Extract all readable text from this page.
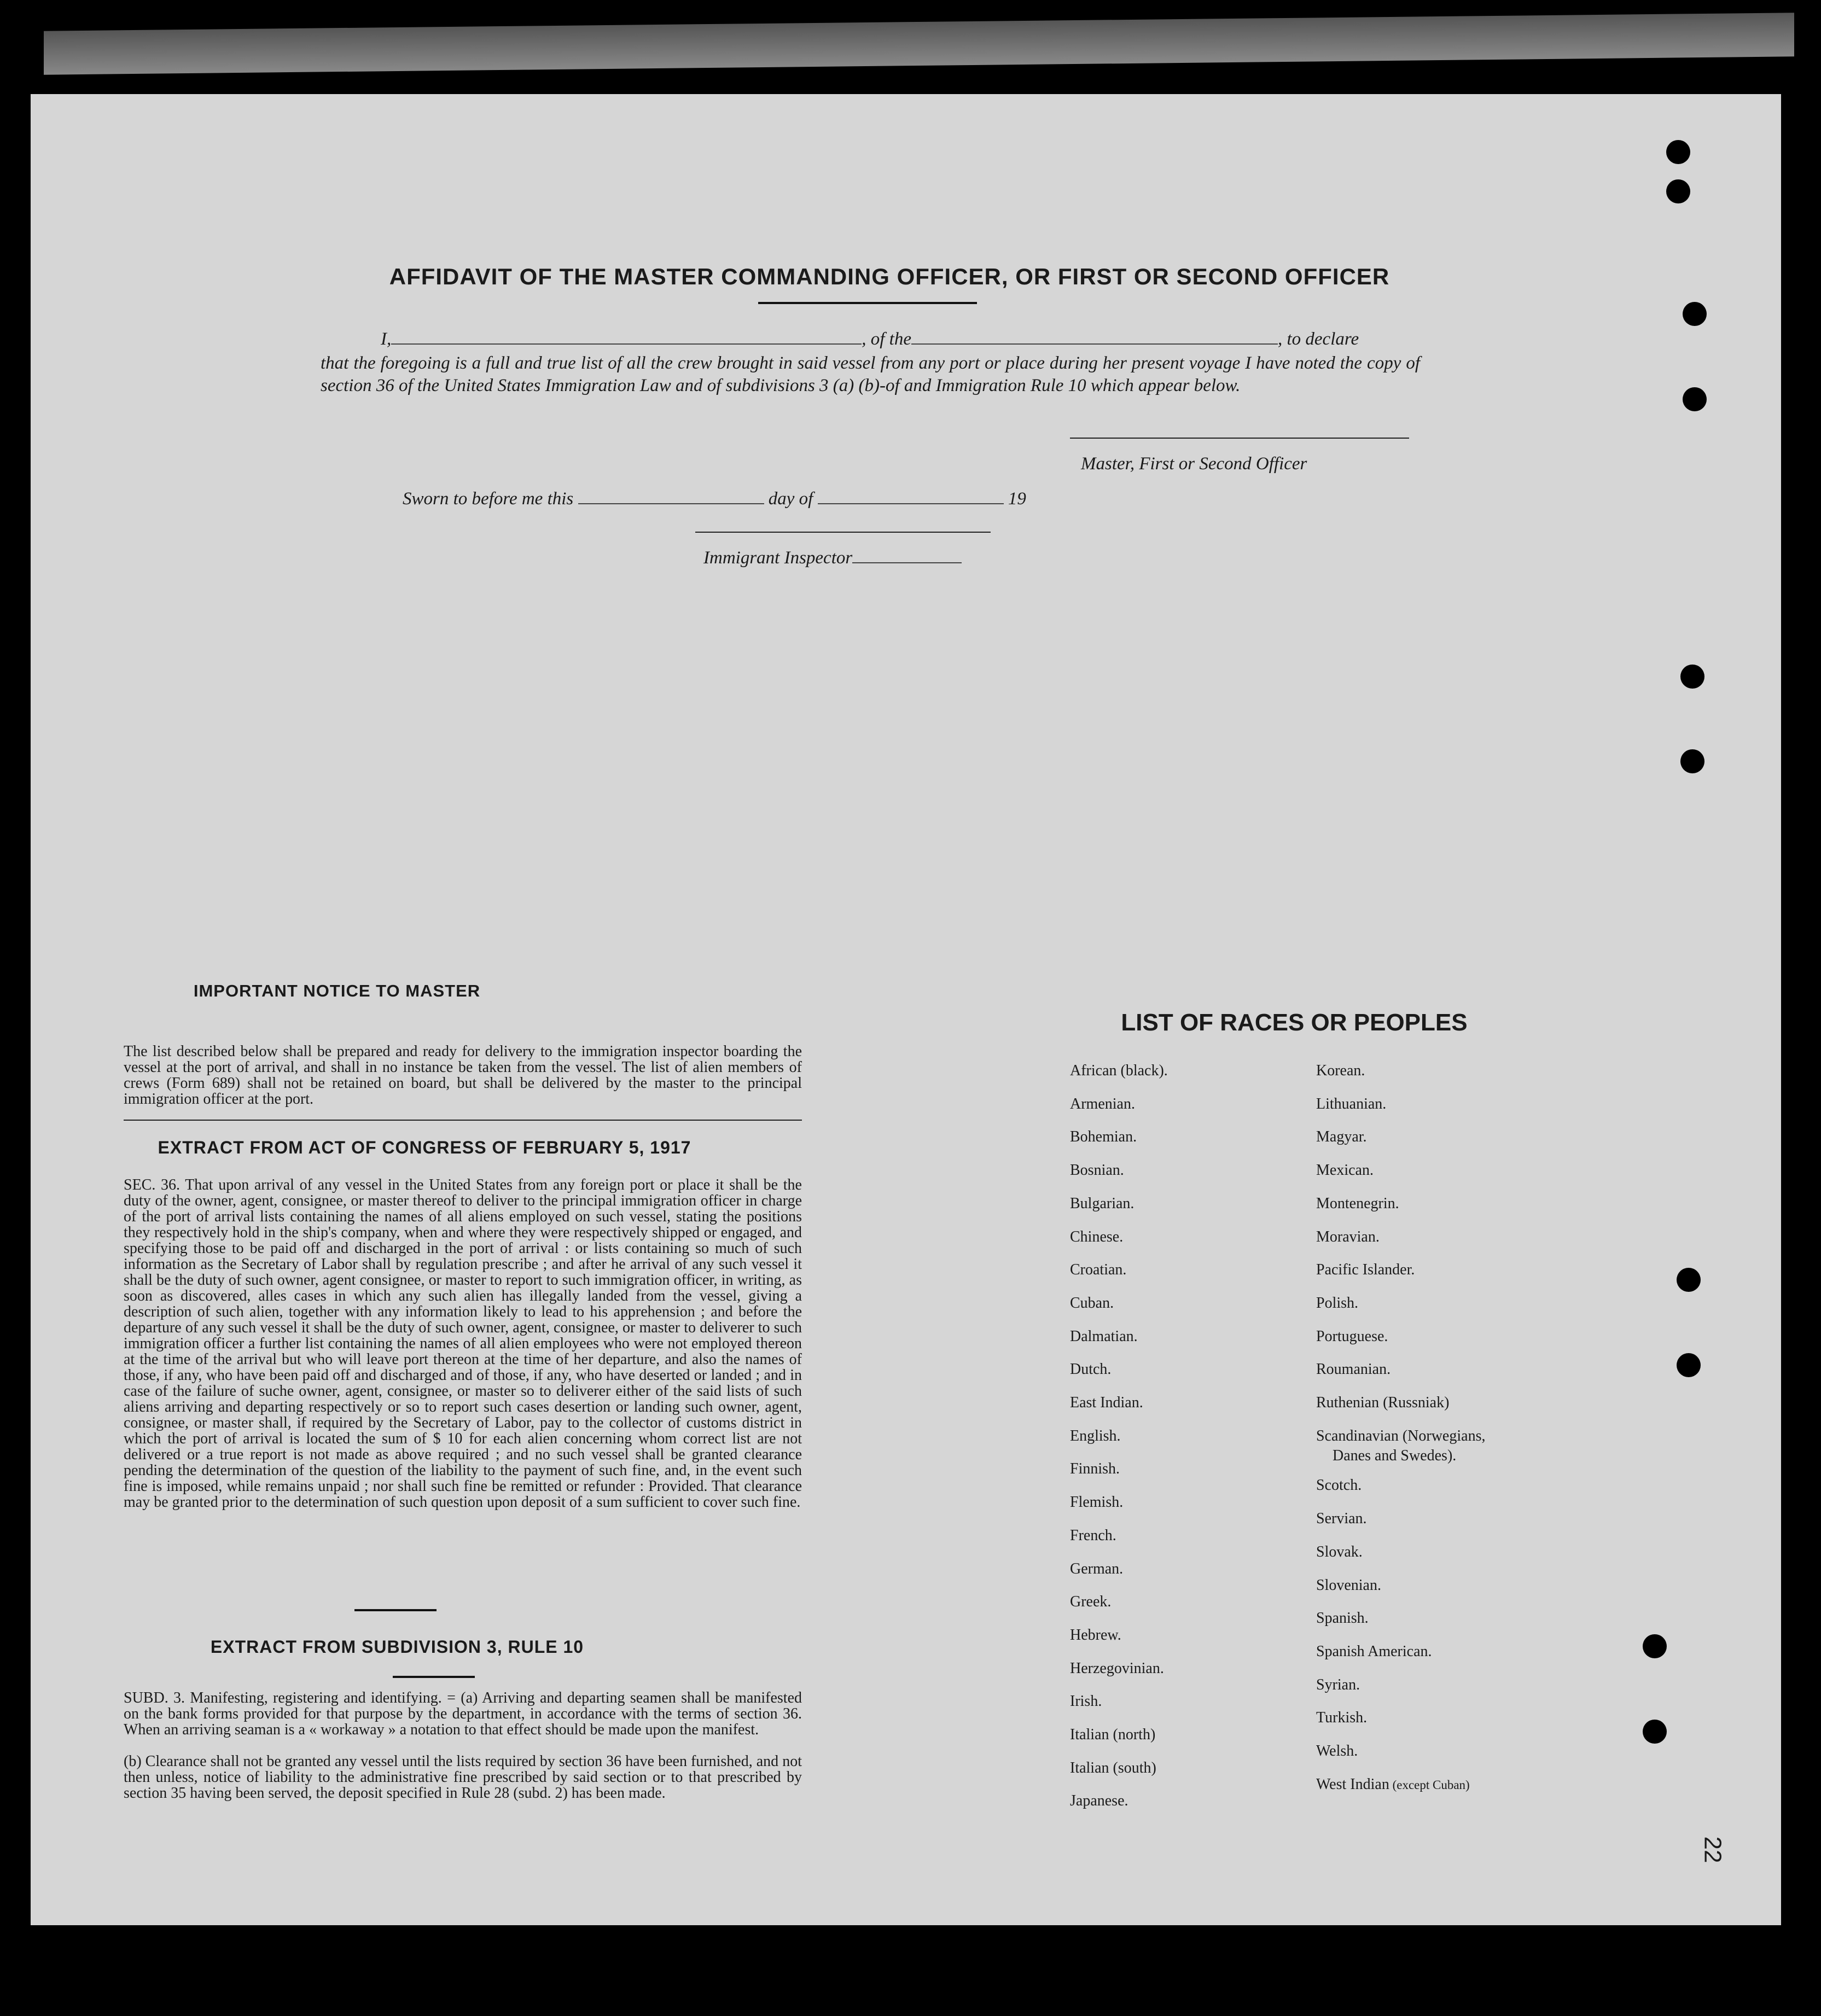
AFFIDAVIT OF THE MASTER COMMANDING OFFICER, OR FIRST OR SECOND OFFICER
I,	, of the	, to declare
that the foregoing is a full and true list of all the crew brought in said vessel from any port or place during her present voyage I have noted the copy of section 36 of the United States Immigration Law and of subdivisions 3 (a) (b)-of and Immigration Rule 10 which appear below.
Master, First or Second Officer
Sworn to before me this	day of	19
Immigrant Inspector
IMPORTANT NOTICE TO MASTER
The list described below shall be prepared and ready for delivery to the immigration inspector boarding the vessel at the port of arrival, and shall in no instance be taken from the vessel. The list of alien members of crews (Form 689) shall not be retained on board, but shall be delivered by the master to the principal immigration officer at the port.
EXTRACT FROM ACT OF CONGRESS OF FEBRUARY 5, 1917
SEC. 36. That upon arrival of any vessel in the United States from any foreign port or place it shall be the duty of the owner, agent, consignee, or master thereof to deliver to the principal immigration officer in charge of the port of arrival lists containing the names of all aliens employed on such vessel, stating the positions they respectively hold in the ship's company, when and where they were respectively shipped or engaged, and specifying those to be paid off and discharged in the port of arrival : or lists containing so much of such information as the Secretary of Labor shall by regulation prescribe ; and after he arrival of any such vessel it shall be the duty of such owner, agent consignee, or master to report to such immigration officer, in writing, as soon as discovered, alles cases in which any such alien has illegally landed from the vessel, giving a description of such alien, together with any information likely to lead to his apprehension ; and before the departure of any such vessel it shall be the duty of such owner, agent, consignee, or master to deliverer to such immigration officer a further list containing the names of all alien employees who were not employed thereon at the time of the arrival but who will leave port thereon at the time of her departure, and also the names of those, if any, who have been paid off and discharged and of those, if any, who have deserted or landed ; and in case of the failure of suche owner, agent, consignee, or master so to deliverer either of the said lists of such aliens arriving and departing respectively or so to report such cases desertion or landing such owner, agent, consignee, or master shall, if required by the Secretary of Labor, pay to the collector of customs district in which the port of arrival is located the sum of $ 10 for each alien concerning whom correct list are not delivered or a true report is not made as above required ; and no such vessel shall be granted clearance pending the determination of the question of the liability to the payment of such fine, and, in the event such fine is imposed, while remains unpaid ; nor shall such fine be remitted or refunder : Provided. That clearance may be granted prior to the determination of such question upon deposit of a sum sufficient to cover such fine.
EXTRACT FROM SUBDIVISION 3, RULE 10
SUBD. 3. Manifesting, registering and identifying. = (a) Arriving and departing seamen shall be manifested on the bank forms provided for that purpose by the department, in accordance with the terms of section 36. When an arriving seaman is a « workaway » a notation to that effect should be made upon the manifest.
(b) Clearance shall not be granted any vessel until the lists required by section 36 have been furnished, and not then unless, notice of liability to the administrative fine prescribed by said section or to that prescribed by section 35 having been served, the deposit specified in Rule 28 (subd. 2) has been made.
LIST OF RACES OR PEOPLES
22
African (black).
Armenian.
Bohemian.
Bosnian.
Bulgarian.
Chinese.
Croatian.
Cuban.
Dalmatian.
Dutch.
East Indian.
English.
Finnish.
Flemish.
French.
German.
Greek.
Hebrew.
Herzegovinian.
Irish.
Italian (north)
Italian (south)
Japanese.
Korean.
Lithuanian.
Magyar.
Mexican.
Montenegrin.
Moravian.
Pacific Islander.
Polish.
Portuguese.
Roumanian.
Ruthenian (Russniak)
Scandinavian (Norwegians,
Danes and Swedes).
Scotch.
Servian.
Slovak.
Slovenian.
Spanish.
Spanish American.
Syrian.
Turkish.
Welsh.
West Indian (except Cuban)
